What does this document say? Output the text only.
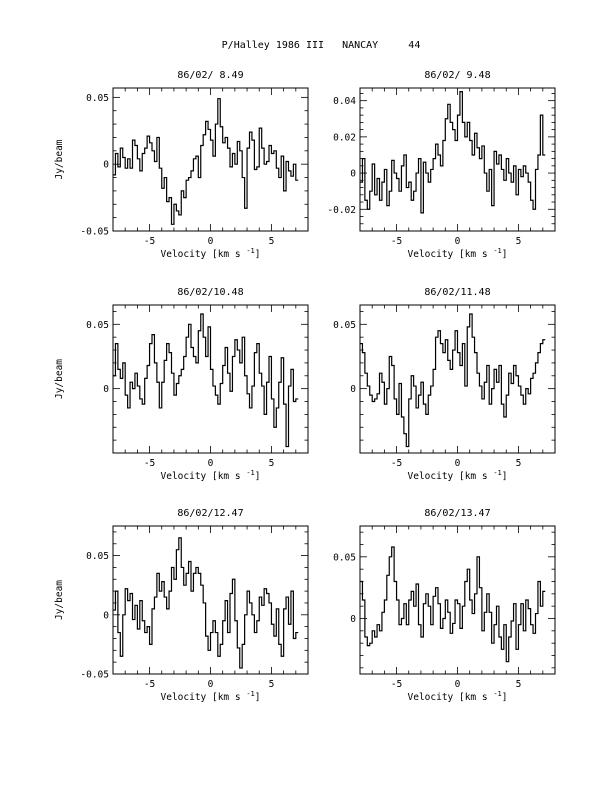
P/Halley 1986 III   NANCAY     44
86/02/ 8.49
-5	0	5
-0.05
0
0.05
Velocity [km s $^{-1}$]
Jy/beam
86/02/ 9.48
-5	0	5
-0.02
0
0.02
0.04
Velocity [km s $^{-1}$]
86/02/10.48
-5	0	5
0
0.05
Velocity [km s $^{-1}$]
Jy/beam
86/02/11.48
-5	0	5
0
0.05
Velocity [km s $^{-1}$]
86/02/12.47
-5	0	5
-0.05
0
0.05
Velocity [km s $^{-1}$]
Jy/beam
86/02/13.47
-5	0	5
0
0.05
Velocity [km s $^{-1}$]
